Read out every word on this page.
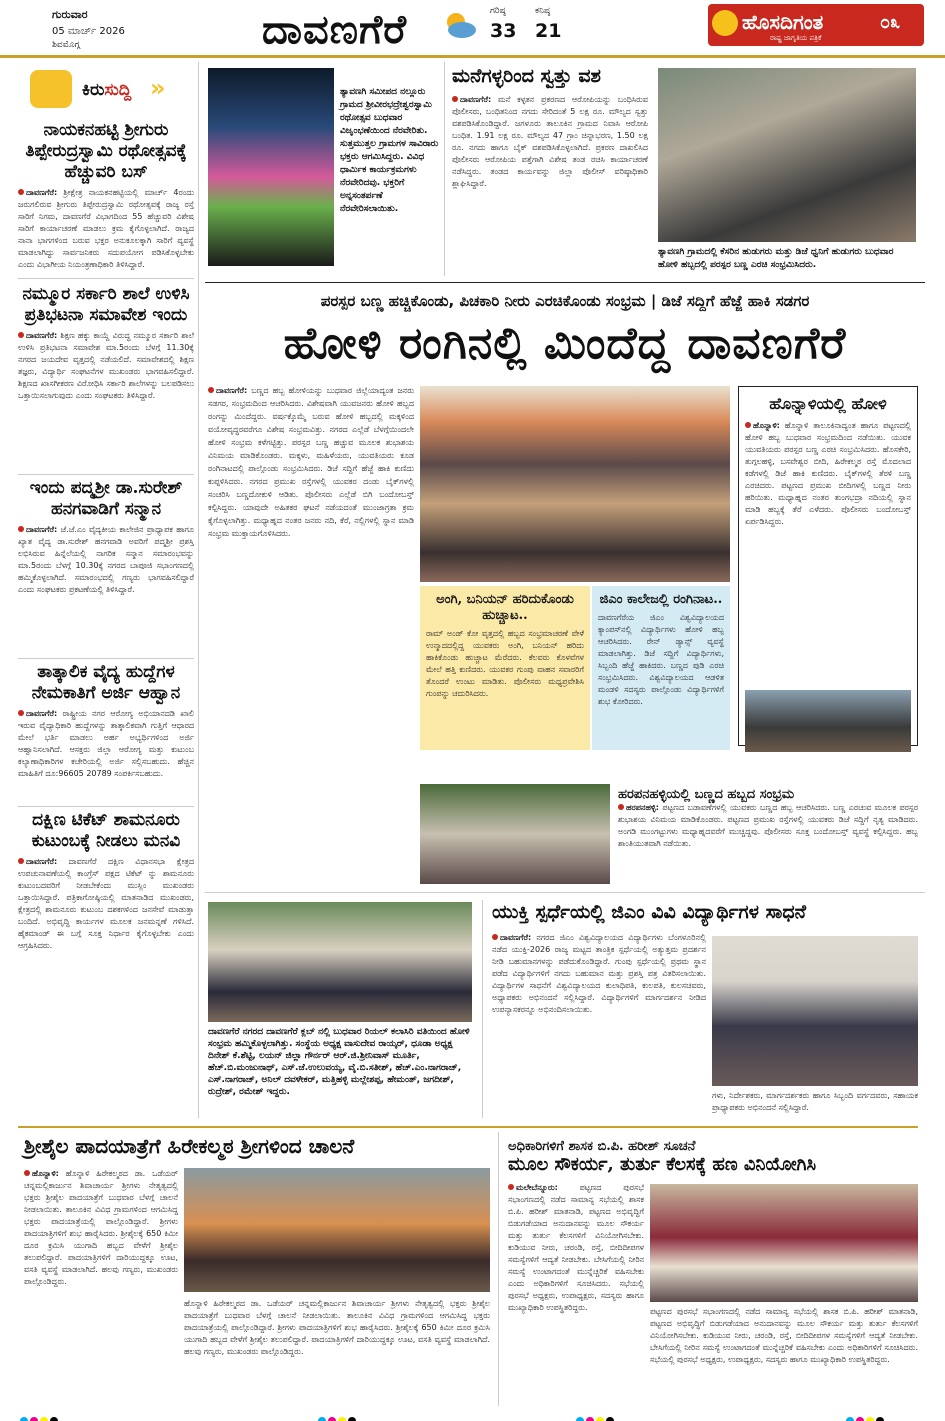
ಗುರುವಾರ
05 ಮಾರ್ಚ್ 2026
ಶಿವಮೊಗ್ಗ	ದಾವಣಗೆರೆ	ಗರಿಷ್ಠ
33
ಕನಿಷ್ಠ
21	ಹೊಸದಿಗಂತ
ರಾಷ್ಟ್ರ ಜಾಗೃತಿಯ ಪತ್ರಿಕೆ
೦೩
ಕಿರುಸುದ್ದಿ »
ನಾಯಕನಹಟ್ಟಿ ಶ್ರೀಗುರು ತಿಪ್ಪೇರುದ್ರಸ್ವಾಮಿ ರಥೋತ್ಸವಕ್ಕೆ ಹೆಚ್ಚುವರಿ ಬಸ್
ದಾವಣಗೆರೆ: ಶ್ರೀಕ್ಷೇತ್ರ ನಾಯಕನಹಟ್ಟಿಯಲ್ಲಿ ಮಾರ್ಚ್ 4ರಂದು ಜರುಗಲಿರುವ ಶ್ರೀಗುರು ತಿಪ್ಪೇರುದ್ರಸ್ವಾಮಿ ರಥೋತ್ಸವಕ್ಕೆ ರಾಜ್ಯ ರಸ್ತೆ ಸಾರಿಗೆ ನಿಗಮ, ದಾವಣಗೆರೆ ವಿಭಾಗದಿಂದ 55 ಹೆಚ್ಚುವರಿ ವಿಶೇಷ ಸಾರಿಗೆ ಕಾರ್ಯಾಚರಣೆ ಮಾಡಲು ಕ್ರಮ ಕೈಗೊಳ್ಳಲಾಗಿದೆ. ರಾಜ್ಯದ ನಾನಾ ಭಾಗಗಳಿಂದ ಬರುವ ಭಕ್ತರ ಅನುಕೂಲಕ್ಕಾಗಿ ಸಾರಿಗೆ ವ್ಯವಸ್ಥೆ ಮಾಡಲಾಗಿದ್ದು ಸಾರ್ವಜನಿಕರು ಸದುಪಯೋಗ ಪಡಿಸಿಕೊಳ್ಳಬೇಕು ಎಂದು ವಿಭಾಗೀಯ ನಿಯಂತ್ರಣಾಧಿಕಾರಿ ತಿಳಿಸಿದ್ದಾರೆ.
ನಮ್ಮೂರ ಸರ್ಕಾರಿ ಶಾಲೆ ಉಳಿಸಿ ಪ್ರತಿಭಟನಾ ಸಮಾವೇಶ ಇಂದು
ದಾವಣಗೆರೆ: ಶಿಕ್ಷಣ ಹಕ್ಕು ಕಾಯ್ದೆ ವಿರುದ್ಧ ನಮ್ಮೂರ ಸರ್ಕಾರಿ ಶಾಲೆ ಉಳಿಸಿ ಪ್ರತಿಭಟನಾ ಸಮಾವೇಶ ಮಾ.5ರಂದು ಬೆಳಗ್ಗೆ 11.30ಕ್ಕೆ ನಗರದ ಜಯದೇವ ವೃತ್ತದಲ್ಲಿ ನಡೆಯಲಿದೆ. ಸಮಾವೇಶದಲ್ಲಿ ಶಿಕ್ಷಣ ತಜ್ಞರು, ವಿದ್ಯಾರ್ಥಿ ಸಂಘಟನೆಗಳ ಮುಖಂಡರು ಭಾಗವಹಿಸಲಿದ್ದಾರೆ. ಶಿಕ್ಷಣದ ಖಾಸಗೀಕರಣ ವಿರೋಧಿಸಿ ಸರ್ಕಾರಿ ಶಾಲೆಗಳನ್ನು ಬಲಪಡಿಸಲು ಒತ್ತಾಯಿಸಲಾಗುವುದು ಎಂದು ಸಂಘಟಕರು ತಿಳಿಸಿದ್ದಾರೆ.
ಇಂದು ಪದ್ಮಶ್ರೀ ಡಾ.ಸುರೇಶ್ ಹನಗವಾಡಿಗೆ ಸನ್ಮಾನ
ದಾವಣಗೆರೆ: ಜೆ.ಜೆ.ಎಂ ವೈದ್ಯಕೀಯ ಕಾಲೇಜಿನ ಪ್ರಾಧ್ಯಾಪಕ ಹಾಗೂ ಖ್ಯಾತ ವೈದ್ಯ ಡಾ.ಸುರೇಶ್ ಹನಗವಾಡಿ ಅವರಿಗೆ ಪದ್ಮಶ್ರೀ ಪ್ರಶಸ್ತಿ ಲಭಿಸಿರುವ ಹಿನ್ನೆಲೆಯಲ್ಲಿ ನಾಗರಿಕ ಸನ್ಮಾನ ಸಮಾರಂಭವನ್ನು ಮಾ.5ರಂದು ಬೆಳಗ್ಗೆ 10.30ಕ್ಕೆ ನಗರದ ಬಾಪೂಜಿ ಸಭಾಂಗಣದಲ್ಲಿ ಹಮ್ಮಿಕೊಳ್ಳಲಾಗಿದೆ. ಸಮಾರಂಭದಲ್ಲಿ ಗಣ್ಯರು ಭಾಗವಹಿಸಲಿದ್ದಾರೆ ಎಂದು ಸಂಘಟಕರು ಪ್ರಕಟಣೆಯಲ್ಲಿ ತಿಳಿಸಿದ್ದಾರೆ.
ತಾತ್ಕಾಲಿಕ ವೈದ್ಯ ಹುದ್ದೆಗಳ ನೇಮಕಾತಿಗೆ ಅರ್ಜಿ ಆಹ್ವಾನ
ದಾವಣಗೆರೆ: ರಾಷ್ಟ್ರೀಯ ನಗರ ಆರೋಗ್ಯ ಅಭಿಯಾನದಡಿ ಖಾಲಿ ಇರುವ ವೈದ್ಯಾಧಿಕಾರಿ ಹುದ್ದೆಗಳನ್ನು ತಾತ್ಕಾಲಿಕವಾಗಿ ಗುತ್ತಿಗೆ ಆಧಾರದ ಮೇಲೆ ಭರ್ತಿ ಮಾಡಲು ಅರ್ಹ ಅಭ್ಯರ್ಥಿಗಳಿಂದ ಅರ್ಜಿ ಆಹ್ವಾನಿಸಲಾಗಿದೆ. ಆಸಕ್ತರು ಜಿಲ್ಲಾ ಆರೋಗ್ಯ ಮತ್ತು ಕುಟುಂಬ ಕಲ್ಯಾಣಾಧಿಕಾರಿಗಳ ಕಚೇರಿಯಲ್ಲಿ ಅರ್ಜಿ ಸಲ್ಲಿಸಬಹುದು. ಹೆಚ್ಚಿನ ಮಾಹಿತಿಗೆ ದೂ:96605 20789 ಸಂಪರ್ಕಿಸಬಹುದು.
ದಕ್ಷಿಣ ಟಿಕೆಟ್ ಶಾಮನೂರು ಕುಟುಂಬಕ್ಕೆ ನೀಡಲು ಮನವಿ
ದಾವಣಗೆರೆ: ದಾವಣಗೆರೆ ದಕ್ಷಿಣ ವಿಧಾನಸಭಾ ಕ್ಷೇತ್ರದ ಉಪಚುನಾವಣೆಯಲ್ಲಿ ಕಾಂಗ್ರೆಸ್ ಪಕ್ಷದ ಟಿಕೆಟ್ ನ್ನು ಶಾಮನೂರು ಕುಟುಂಬದವರಿಗೆ ನೀಡಬೇಕೆಂದು ಮುಸ್ಲಿಂ ಮುಖಂಡರು ಒತ್ತಾಯಿಸಿದ್ದಾರೆ. ಪತ್ರಿಕಾಗೋಷ್ಠಿಯಲ್ಲಿ ಮಾತನಾಡಿದ ಮುಖಂಡರು, ಕ್ಷೇತ್ರದಲ್ಲಿ ಶಾಮನೂರು ಕುಟುಂಬ ದಶಕಗಳಿಂದ ಜನಸೇವೆ ಮಾಡುತ್ತಾ ಬಂದಿದೆ. ಅಭಿವೃದ್ಧಿ ಕಾರ್ಯಗಳ ಮೂಲಕ ಜನಮನ್ನಣೆ ಗಳಿಸಿದೆ. ಹೈಕಮಾಂಡ್ ಈ ಬಗ್ಗೆ ಸೂಕ್ತ ನಿರ್ಧಾರ ಕೈಗೊಳ್ಳಬೇಕು ಎಂದು ಆಗ್ರಹಿಸಿದರು.
ತ್ಯಾವಣಗಿ ಸಮೀಪದ ನಲ್ಲೂರು ಗ್ರಾಮದ ಶ್ರೀವೀರಭದ್ರೇಶ್ವರಸ್ವಾಮಿ ರಥೋತ್ಸವ ಬುಧವಾರ ವಿಜೃಂಭಣೆಯಿಂದ ನೆರವೇರಿತು. ಸುತ್ತಮುತ್ತಲ ಗ್ರಾಮಗಳ ಸಾವಿರಾರು ಭಕ್ತರು ಆಗಮಿಸಿದ್ದರು. ವಿವಿಧ ಧಾರ್ಮಿಕ ಕಾರ್ಯಕ್ರಮಗಳು ನೆರವೇರಿದವು. ಭಕ್ತರಿಗೆ ಅನ್ನಸಂತರ್ಪಣೆ ನೆರವೇರಿಸಲಾಯಿತು.
ಮನೆಗಳ್ಳರಿಂದ ಸ್ವತ್ತು ವಶ
ದಾವಣಗೆರೆ: ಮನೆ ಕಳ್ಳತನ ಪ್ರಕರಣದ ಆರೋಪಿಯನ್ನು ಬಂಧಿಸಿರುವ ಪೊಲೀಸರು, ಬಂಧಿತನಿಂದ ನಗದು ಸೇರಿದಂತೆ 5 ಲಕ್ಷ ರೂ. ಮೌಲ್ಯದ ಸ್ವತ್ತು ವಶಪಡಿಸಿಕೊಂಡಿದ್ದಾರೆ. ಜಗಳೂರು ತಾಲೂಕಿನ ಗ್ರಾಮದ ನಿವಾಸಿ ಆರೋಪಿ ಬಂಧಿತ. 1.91 ಲಕ್ಷ ರೂ. ಮೌಲ್ಯದ 47 ಗ್ರಾಂ ಚಿನ್ನಾಭರಣ, 1.50 ಲಕ್ಷ ರೂ. ನಗದು ಹಾಗೂ ಬೈಕ್ ವಶಪಡಿಸಿಕೊಳ್ಳಲಾಗಿದೆ. ಪ್ರಕರಣ ದಾಖಲಿಸಿದ ಪೊಲೀಸರು ಆರೋಪಿಯ ಪತ್ತೆಗಾಗಿ ವಿಶೇಷ ತಂಡ ರಚಿಸಿ ಕಾರ್ಯಾಚರಣೆ ನಡೆಸಿದ್ದರು. ತಂಡದ ಕಾರ್ಯವನ್ನು ಜಿಲ್ಲಾ ಪೊಲೀಸ್ ವರಿಷ್ಠಾಧಿಕಾರಿ ಶ್ಲಾಘಿಸಿದ್ದಾರೆ.
ತ್ಯಾವಣಗಿ ಗ್ರಾಮದಲ್ಲಿ ಕೆಸರಿನ ಹುಡುಗರು ಮತ್ತು ಡಿಜೆ ಧ್ವನಿಗೆ ಹುಡುಗರು ಬುಧವಾರ ಹೋಳಿ ಹಬ್ಬದಲ್ಲಿ ಪರಸ್ಪರ ಬಣ್ಣ ಎರಚಿ ಸಂಭ್ರಮಿಸಿದರು.
ಪರಸ್ಪರ ಬಣ್ಣ ಹಚ್ಚಿಕೊಂಡು, ಪಿಚಕಾರಿ ನೀರು ಎರಚಿಕೊಂಡು ಸಂಭ್ರಮ | ಡಿಜೆ ಸದ್ದಿಗೆ ಹೆಜ್ಜೆ ಹಾಕಿ ಸಡಗರ
ಹೋಳಿ ರಂಗಿನಲ್ಲಿ ಮಿಂದೆದ್ದ ದಾವಣಗೆರೆ
ದಾವಣಗೆರೆ: ಬಣ್ಣದ ಹಬ್ಬ ಹೋಳಿಯನ್ನು ಬುಧವಾರ ಜಿಲ್ಲೆಯಾದ್ಯಂತ ಜನರು ಸಡಗರ, ಸಂಭ್ರಮದಿಂದ ಆಚರಿಸಿದರು. ವಿಶೇಷವಾಗಿ ಯುವಜನರು ಹೋಳಿ ಹಬ್ಬದ ರಂಗನ್ನು ಮಿಂದೆದ್ದರು. ವರ್ಷಕ್ಕೊಮ್ಮೆ ಬರುವ ಹೋಳಿ ಹಬ್ಬದಲ್ಲಿ ಮಕ್ಕಳಿಂದ ವಯೋವೃದ್ಧರವರೆಗೂ ವಿಶೇಷ ಸಂಭ್ರಮವಿತ್ತು. ನಗರದ ಎಲ್ಲೆಡೆ ಬೆಳಗ್ಗೆಯಿಂದಲೇ ಹೋಳಿ ಸಂಭ್ರಮ ಕಳೆಗಟ್ಟಿತ್ತು. ಪರಸ್ಪರ ಬಣ್ಣ ಹಚ್ಚುವ ಮೂಲಕ ಶುಭಾಶಯ ವಿನಿಮಯ ಮಾಡಿಕೊಂಡರು. ಮಕ್ಕಳು, ಮಹಿಳೆಯರು, ಯುವತಿಯರು ಕೂಡ ರಂಗಿನಾಟದಲ್ಲಿ ಪಾಲ್ಗೊಂಡು ಸಂಭ್ರಮಿಸಿದರು. ಡಿಜೆ ಸದ್ದಿಗೆ ಹೆಜ್ಜೆ ಹಾಕಿ ಕುಣಿದು ಕುಪ್ಪಳಿಸಿದರು. ನಗರದ ಪ್ರಮುಖ ರಸ್ತೆಗಳಲ್ಲಿ ಯುವಕರ ದಂಡು ಬೈಕ್‌ಗಳಲ್ಲಿ ಸಂಚರಿಸಿ ಬಣ್ಣದೋಕುಳಿ ಆಡಿತು. ಪೊಲೀಸರು ಎಲ್ಲೆಡೆ ಬಿಗಿ ಬಂದೋಬಸ್ತ್ ಕಲ್ಪಿಸಿದ್ದರು. ಯಾವುದೇ ಅಹಿತಕರ ಘಟನೆ ನಡೆಯದಂತೆ ಮುಂಜಾಗ್ರತಾ ಕ್ರಮ ಕೈಗೊಳ್ಳಲಾಗಿತ್ತು. ಮಧ್ಯಾಹ್ನದ ನಂತರ ಜನರು ನದಿ, ಕೆರೆ, ನಲ್ಲಿಗಳಲ್ಲಿ ಸ್ನಾನ ಮಾಡಿ ಸಂಭ್ರಮ ಮುಕ್ತಾಯಗೊಳಿಸಿದರು.
ಅಂಗಿ, ಬನಿಯನ್ ಹರಿದುಕೊಂಡು ಹುಚ್ಚಾಟ..
ರಾಮ್ ಅಂಡ್ ಕೋ ವೃತ್ತದಲ್ಲಿ ಹಬ್ಬದ ಸಂಭ್ರಮಾಚರಣೆ ವೇಳೆ ಉನ್ಮಾದದಲ್ಲಿದ್ದ ಯುವಕರು ಅಂಗಿ, ಬನಿಯನ್ ಹರಿದು ಹಾಕಿಕೊಂಡು ಹುಚ್ಚಾಟ ಮೆರೆದರು. ಕೆಲವರು ಕೊಳವೆಗಳ ಮೇಲೆ ಹತ್ತಿ ಕುಣಿದರು. ಯುವಕರ ಗುಂಪು ವಾಹನ ಸವಾರರಿಗೆ ತೊಂದರೆ ಉಂಟು ಮಾಡಿತು. ಪೊಲೀಸರು ಮಧ್ಯಪ್ರವೇಶಿಸಿ ಗುಂಪನ್ನು ಚದುರಿಸಿದರು.
ಜಿಎಂ ಕಾಲೇಜಲ್ಲಿ ರಂಗಿನಾಟ..
ದಾವಣಗೆರೆಯ ಜಿಎಂ ವಿಶ್ವವಿದ್ಯಾಲಯದ ಕ್ಯಾಂಪಸ್‌ನಲ್ಲಿ ವಿದ್ಯಾರ್ಥಿಗಳು ಹೋಳಿ ಹಬ್ಬ ಆಚರಿಸಿದರು. ರೇನ್ ಡ್ಯಾನ್ಸ್ ವ್ಯವಸ್ಥೆ ಮಾಡಲಾಗಿತ್ತು. ಡಿಜೆ ಸದ್ದಿಗೆ ವಿದ್ಯಾರ್ಥಿಗಳು, ಸಿಬ್ಬಂದಿ ಹೆಜ್ಜೆ ಹಾಕಿದರು. ಬಣ್ಣದ ಪುಡಿ ಎರಚಿ ಸಂಭ್ರಮಿಸಿದರು. ವಿಶ್ವವಿದ್ಯಾಲಯದ ಆಡಳಿತ ಮಂಡಳಿ ಸದಸ್ಯರು ಪಾಲ್ಗೊಂಡು ವಿದ್ಯಾರ್ಥಿಗಳಿಗೆ ಶುಭ ಕೋರಿದರು.
ಹೊನ್ನಾಳಿಯಲ್ಲಿ ಹೋಳಿ
ಹೊನ್ನಾಳಿ: ಹೊನ್ನಾಳಿ ತಾಲೂಕಿನಾದ್ಯಂತ ಹಾಗೂ ಪಟ್ಟಣದಲ್ಲಿ ಹೋಳಿ ಹಬ್ಬ ಬುಧವಾರ ಸಂಭ್ರಮದಿಂದ ನಡೆಯಿತು. ಯುವಕ ಯುವತಿಯರು ಪರಸ್ಪರ ಬಣ್ಣ ಎರಚಿ ಸಂಭ್ರಮಿಸಿದರು. ಹೊಸಕೇರಿ, ತುಗ್ಗಲಹಳ್ಳಿ, ಬಸವೇಶ್ವರ ಬೀದಿ, ಹಿರೇಕಲ್ಮಠ ರಸ್ತೆ ಮೊದಲಾದ ಕಡೆಗಳಲ್ಲಿ ಡಿಜೆ ಹಾಕಿ ಕುಣಿದರು. ಬೈಕ್‌ಗಳಲ್ಲಿ ತೆರಳಿ ಬಣ್ಣ ಎರಚಿದರು. ಪಟ್ಟಣದ ಪ್ರಮುಖ ಬೀದಿಗಳಲ್ಲಿ ಬಣ್ಣದ ನೀರು ಹರಿಯಿತು. ಮಧ್ಯಾಹ್ನದ ನಂತರ ತುಂಗಭದ್ರಾ ನದಿಯಲ್ಲಿ ಸ್ನಾನ ಮಾಡಿ ಹಬ್ಬಕ್ಕೆ ತೆರೆ ಎಳೆದರು. ಪೊಲೀಸರು ಬಂದೋಬಸ್ತ್ ಏರ್ಪಡಿಸಿದ್ದರು.
ಹರಪನಹಳ್ಳಿಯಲ್ಲಿ ಬಣ್ಣದ ಹಬ್ಬದ ಸಂಭ್ರಮ
ಹರಪನಹಳ್ಳಿ: ಪಟ್ಟಣದ ಬಡಾವಣೆಗಳಲ್ಲಿ ಯುವಕರು ಬಣ್ಣದ ಹಬ್ಬ ಆಚರಿಸಿದರು. ಬಣ್ಣ ಎರಚುವ ಮೂಲಕ ಪರಸ್ಪರ ಶುಭಾಶಯ ವಿನಿಮಯ ಮಾಡಿಕೊಂಡರು. ಪಟ್ಟಣದ ಪ್ರಮುಖ ರಸ್ತೆಗಳಲ್ಲಿ ಯುವಕರು ಡಿಜೆ ಸದ್ದಿಗೆ ನೃತ್ಯ ಮಾಡಿದರು. ಅಂಗಡಿ ಮುಂಗಟ್ಟುಗಳು ಮಧ್ಯಾಹ್ನದವರೆಗೆ ಮುಚ್ಚಿದ್ದವು. ಪೊಲೀಸರು ಸೂಕ್ತ ಬಂದೋಬಸ್ತ್ ವ್ಯವಸ್ಥೆ ಕಲ್ಪಿಸಿದ್ದರು. ಹಬ್ಬ ಶಾಂತಿಯುತವಾಗಿ ನಡೆಯಿತು.
ದಾವಣಗೆರೆ ನಗರದ ದಾವಣಗೆರೆ ಕ್ಲಬ್ ನಲ್ಲಿ ಬುಧವಾರ ರಿಯಲ್ ಕಲಾಸಿರಿ ವತಿಯಿಂದ ಹೋಳಿ ಸಂಭ್ರಮ ಹಮ್ಮಿಕೊಳ್ಳಲಾಗಿತ್ತು. ಸಂಸ್ಥೆಯ ಅಧ್ಯಕ್ಷ ವಾಸುದೇವ ರಾಯ್ಕರ್, ಧೂಡಾ ಅಧ್ಯಕ್ಷ ದಿನೇಶ್ ಕೆ.ಶೆಟ್ಟಿ, ಲಯನ್ ಜಿಲ್ಲಾ ಗೌರ್ನರ್ ಆರ್.ಜಿ.ಶ್ರೀನಿವಾಸ್ ಮೂರ್ತಿ, ಹೆಚ್.ಬಿ.ಮಂಜುನಾಥ್, ಎಸ್.ಜೆ.ಉಲುವಯ್ಯ, ವೈ.ಬಿ.ಸತೀಶ್, ಹೆಚ್.ಎಂ.ನಾಗರಾಜ್, ಎಸ್.ನಾಗರಾಜ್, ಅನಿಲ್ ದವಳೇಕರ್, ಮತ್ತಿಹಳ್ಳಿ ಮಲ್ಲೇಶಪ್ಪ, ಹೇಮಂತ್, ಜಗದೀಶ್, ರುದ್ರೇಶ್, ರಮೇಶ್ ಇದ್ದರು.
ಯುಕ್ತಿ ಸ್ಪರ್ಧೆಯಲ್ಲಿ ಜಿಎಂ ವಿವಿ ವಿದ್ಯಾರ್ಥಿಗಳ ಸಾಧನೆ
ದಾವಣಗೆರೆ: ನಗರದ ಜಿಎಂ ವಿಶ್ವವಿದ್ಯಾಲಯದ ವಿದ್ಯಾರ್ಥಿಗಳು ಬೆಂಗಳೂರಿನಲ್ಲಿ ನಡೆದ ಯುಕ್ತಿ-2026 ರಾಜ್ಯ ಮಟ್ಟದ ತಾಂತ್ರಿಕ ಸ್ಪರ್ಧೆಯಲ್ಲಿ ಅತ್ಯುತ್ತಮ ಪ್ರದರ್ಶನ ನೀಡಿ ಬಹುಮಾನಗಳನ್ನು ಪಡೆದುಕೊಂಡಿದ್ದಾರೆ. ಗುಂಪು ಸ್ಪರ್ಧೆಯಲ್ಲಿ ಪ್ರಥಮ ಸ್ಥಾನ ಪಡೆದ ವಿದ್ಯಾರ್ಥಿಗಳಿಗೆ ನಗದು ಬಹುಮಾನ ಮತ್ತು ಪ್ರಶಸ್ತಿ ಪತ್ರ ವಿತರಿಸಲಾಯಿತು. ವಿದ್ಯಾರ್ಥಿಗಳ ಸಾಧನೆಗೆ ವಿಶ್ವವಿದ್ಯಾಲಯದ ಕುಲಾಧಿಪತಿ, ಕುಲಪತಿ, ಕುಲಸಚಿವರು, ಅಧ್ಯಾಪಕರು ಅಭಿನಂದನೆ ಸಲ್ಲಿಸಿದ್ದಾರೆ. ವಿದ್ಯಾರ್ಥಿಗಳಿಗೆ ಮಾರ್ಗದರ್ಶನ ನೀಡಿದ ಉಪನ್ಯಾಸಕರನ್ನೂ ಅಭಿನಂದಿಸಲಾಯಿತು.
ಗಳು, ನಿರ್ದೇಶಕರು, ಮಾರ್ಗದರ್ಶಕರು ಹಾಗೂ ಸಿಬ್ಬಂದಿ ವರ್ಗದವರು, ಸಹಾಯಕ ಪ್ರಾಧ್ಯಾಪಕರು ಅಭಿನಂದನೆ ಸಲ್ಲಿಸಿದ್ದಾರೆ.
ಶ್ರೀಶೈಲ ಪಾದಯಾತ್ರೆಗೆ ಹಿರೇಕಲ್ಮಠ ಶ್ರೀಗಳಿಂದ ಚಾಲನೆ
ಹೊನ್ನಾಳಿ: ಹೊನ್ನಾಳಿ ಹಿರೇಕಲ್ಮಠದ ಡಾ. ಒಡೆಯರ್ ಚನ್ನಮಲ್ಲಿಕಾರ್ಜುನ ಶಿವಾಚಾರ್ಯ ಶ್ರೀಗಳು ನೇತೃತ್ವದಲ್ಲಿ ಭಕ್ತರು ಶ್ರೀಶೈಲ ಪಾದಯಾತ್ರೆಗೆ ಬುಧವಾರ ಬೆಳಗ್ಗೆ ಚಾಲನೆ ನೀಡಲಾಯಿತು. ತಾಲೂಕಿನ ವಿವಿಧ ಗ್ರಾಮಗಳಿಂದ ಆಗಮಿಸಿದ್ದ ಭಕ್ತರು ಪಾದಯಾತ್ರೆಯಲ್ಲಿ ಪಾಲ್ಗೊಂಡಿದ್ದಾರೆ. ಶ್ರೀಗಳು ಪಾದಯಾತ್ರಿಗಳಿಗೆ ಶುಭ ಹಾರೈಸಿದರು. ಶ್ರೀಶೈಲಕ್ಕೆ 650 ಕಿಮೀ ದೂರ ಕ್ರಮಿಸಿ ಯುಗಾದಿ ಹಬ್ಬದ ವೇಳೆಗೆ ಶ್ರೀಶೈಲ ತಲುಪಲಿದ್ದಾರೆ. ಪಾದಯಾತ್ರಿಗಳಿಗೆ ದಾರಿಯುದ್ದಕ್ಕೂ ಊಟ, ವಸತಿ ವ್ಯವಸ್ಥೆ ಮಾಡಲಾಗಿದೆ. ಹಲವು ಗಣ್ಯರು, ಮುಖಂಡರು ಪಾಲ್ಗೊಂಡಿದ್ದರು.
ಹೊನ್ನಾಳಿ ಹಿರೇಕಲ್ಮಠದ ಡಾ. ಒಡೆಯರ್ ಚನ್ನಮಲ್ಲಿಕಾರ್ಜುನ ಶಿವಾಚಾರ್ಯ ಶ್ರೀಗಳು ನೇತೃತ್ವದಲ್ಲಿ ಭಕ್ತರು ಶ್ರೀಶೈಲ ಪಾದಯಾತ್ರೆಗೆ ಬುಧವಾರ ಬೆಳಗ್ಗೆ ಚಾಲನೆ ನೀಡಲಾಯಿತು. ತಾಲೂಕಿನ ವಿವಿಧ ಗ್ರಾಮಗಳಿಂದ ಆಗಮಿಸಿದ್ದ ಭಕ್ತರು ಪಾದಯಾತ್ರೆಯಲ್ಲಿ ಪಾಲ್ಗೊಂಡಿದ್ದಾರೆ. ಶ್ರೀಗಳು ಪಾದಯಾತ್ರಿಗಳಿಗೆ ಶುಭ ಹಾರೈಸಿದರು. ಶ್ರೀಶೈಲಕ್ಕೆ 650 ಕಿಮೀ ದೂರ ಕ್ರಮಿಸಿ ಯುಗಾದಿ ಹಬ್ಬದ ವೇಳೆಗೆ ಶ್ರೀಶೈಲ ತಲುಪಲಿದ್ದಾರೆ. ಪಾದಯಾತ್ರಿಗಳಿಗೆ ದಾರಿಯುದ್ದಕ್ಕೂ ಊಟ, ವಸತಿ ವ್ಯವಸ್ಥೆ ಮಾಡಲಾಗಿದೆ. ಹಲವು ಗಣ್ಯರು, ಮುಖಂಡರು ಪಾಲ್ಗೊಂಡಿದ್ದರು.
ಅಧಿಕಾರಿಗಳಿಗೆ ಶಾಸಕ ಬಿ.ಪಿ. ಹರೀಶ್ ಸೂಚನೆ
ಮೂಲ ಸೌಕರ್ಯ, ತುರ್ತು ಕೆಲಸಕ್ಕೆ ಹಣ ವಿನಿಯೋಗಿಸಿ
ಮಲೇಬೆನ್ನೂರು:	ಪಟ್ಟಣದ ಪುರಸಭೆ ಸಭಾಂಗಣದಲ್ಲಿ ನಡೆದ ಸಾಮಾನ್ಯ ಸಭೆಯಲ್ಲಿ ಶಾಸಕ ಬಿ.ಪಿ. ಹರೀಶ್ ಮಾತನಾಡಿ, ಪಟ್ಟಣದ ಅಭಿವೃದ್ಧಿಗೆ ಬಿಡುಗಡೆಯಾದ ಅನುದಾನವನ್ನು ಮೂಲ ಸೌಕರ್ಯ ಮತ್ತು ತುರ್ತು ಕೆಲಸಗಳಿಗೆ ವಿನಿಯೋಗಿಸಬೇಕು. ಕುಡಿಯುವ ನೀರು, ಚರಂಡಿ, ರಸ್ತೆ, ಬೀದಿದೀಪಗಳ ಸಮಸ್ಯೆಗಳಿಗೆ ಆದ್ಯತೆ ನೀಡಬೇಕು. ಬೇಸಿಗೆಯಲ್ಲಿ ನೀರಿನ ಸಮಸ್ಯೆ ಉಂಟಾಗದಂತೆ ಮುನ್ನೆಚ್ಚರಿಕೆ ವಹಿಸಬೇಕು ಎಂದು ಅಧಿಕಾರಿಗಳಿಗೆ ಸೂಚಿಸಿದರು. ಸಭೆಯಲ್ಲಿ ಪುರಸಭೆ ಅಧ್ಯಕ್ಷರು, ಉಪಾಧ್ಯಕ್ಷರು, ಸದಸ್ಯರು ಹಾಗೂ ಮುಖ್ಯಾಧಿಕಾರಿ ಉಪಸ್ಥಿತರಿದ್ದರು.	ಪಟ್ಟಣದ ಪುರಸಭೆ ಸಭಾಂಗಣದಲ್ಲಿ ನಡೆದ ಸಾಮಾನ್ಯ ಸಭೆಯಲ್ಲಿ ಶಾಸಕ ಬಿ.ಪಿ. ಹರೀಶ್ ಮಾತನಾಡಿ, ಪಟ್ಟಣದ ಅಭಿವೃದ್ಧಿಗೆ ಬಿಡುಗಡೆಯಾದ ಅನುದಾನವನ್ನು ಮೂಲ ಸೌಕರ್ಯ ಮತ್ತು ತುರ್ತು ಕೆಲಸಗಳಿಗೆ ವಿನಿಯೋಗಿಸಬೇಕು. ಕುಡಿಯುವ ನೀರು, ಚರಂಡಿ, ರಸ್ತೆ, ಬೀದಿದೀಪಗಳ ಸಮಸ್ಯೆಗಳಿಗೆ ಆದ್ಯತೆ ನೀಡಬೇಕು. ಬೇಸಿಗೆಯಲ್ಲಿ ನೀರಿನ ಸಮಸ್ಯೆ ಉಂಟಾಗದಂತೆ ಮುನ್ನೆಚ್ಚರಿಕೆ ವಹಿಸಬೇಕು ಎಂದು ಅಧಿಕಾರಿಗಳಿಗೆ ಸೂಚಿಸಿದರು. ಸಭೆಯಲ್ಲಿ ಪುರಸಭೆ ಅಧ್ಯಕ್ಷರು, ಉಪಾಧ್ಯಕ್ಷರು, ಸದಸ್ಯರು ಹಾಗೂ ಮುಖ್ಯಾಧಿಕಾರಿ ಉಪಸ್ಥಿತರಿದ್ದರು.
